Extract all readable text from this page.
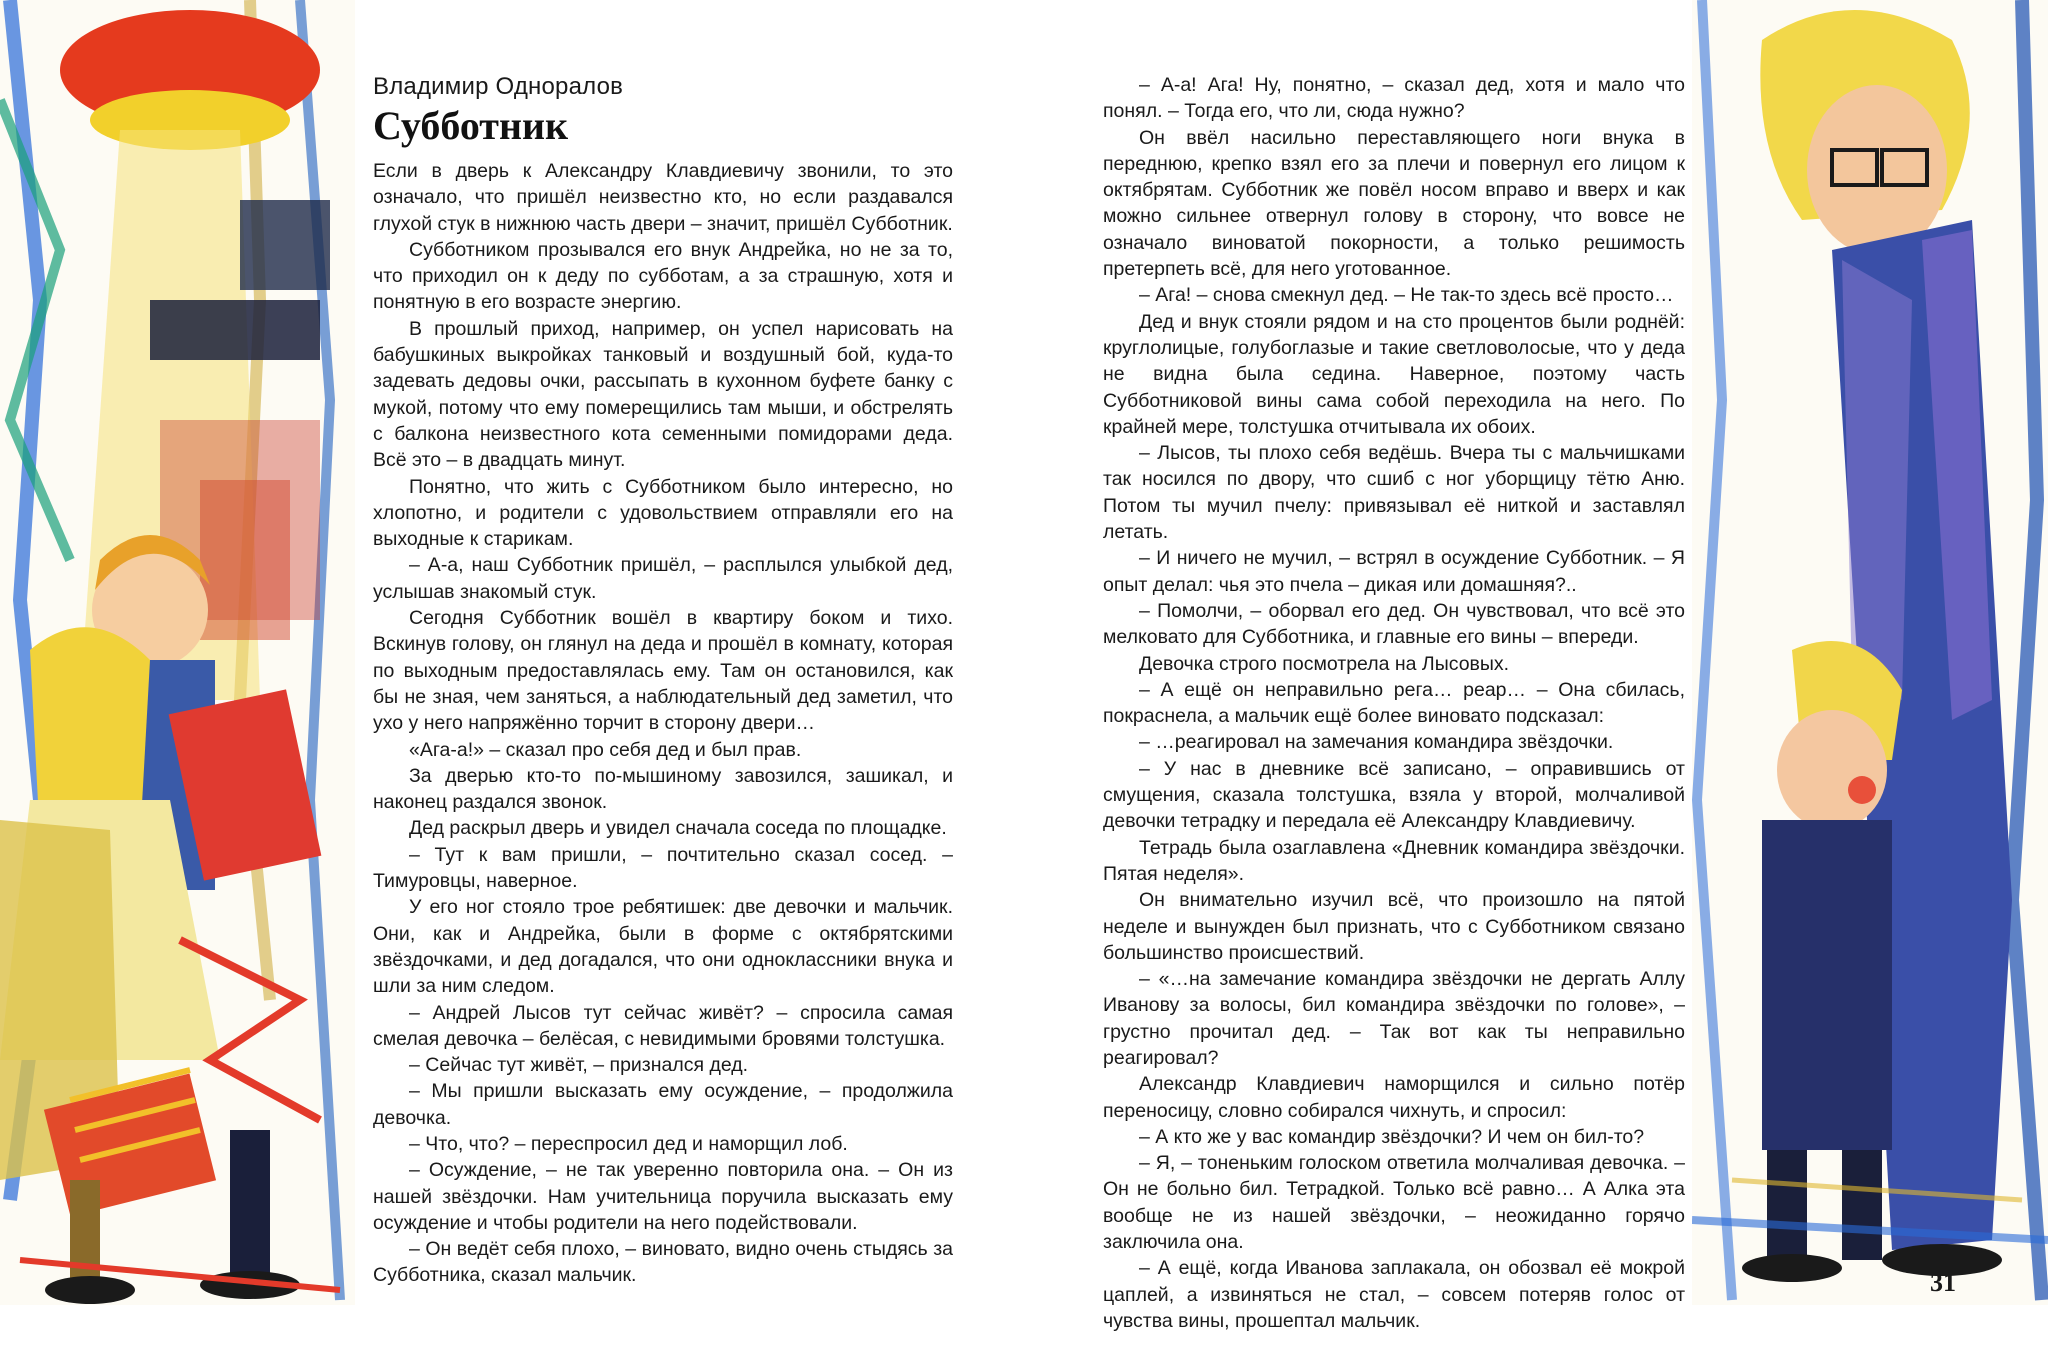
Владимир Однoралов
Субботник

Если в дверь к Александру Клавдиевичу звонили, то это означало, что пришёл неизвестно кто, но если раздавался глухой стук в нижнюю часть двери – значит, пришёл Субботник.

Субботником прозывался его внук Андрейка, но не за то, что приходил он к деду по субботам, а за страшную, хотя и понятную в его возрасте энергию.

В прошлый приход, например, он успел нарисовать на бабушкиных выкройках танковый и воздушный бой, куда-то задевать дедовы очки, рассыпать в кухонном буфете банку с мукой, потому что ему померещились там мыши, и обстрелять с балкона неизвестного кота семенными помидорами деда. Всё это – в двадцать минут.

Понятно, что жить с Субботником было интересно, но хлопотно, и родители с удовольствием отправляли его на выходные к старикам.

– А-а, наш Субботник пришёл, – расплылся улыбкой дед, услышав знакомый стук.

Сегодня Субботник вошёл в квартиру боком и тихо. Вскинув голову, он глянул на деда и прошёл в комнату, которая по выходным предоставлялась ему. Там он остановился, как бы не зная, чем заняться, а наблюдательный дед заметил, что ухо у него напряжённо торчит в сторону двери…

«Ага-а!» – сказал про себя дед и был прав.

За дверью кто-то по-мышиному завозился, зашикал, и наконец раздался звонок.

Дед раскрыл дверь и увидел сначала соседа по площадке.

– Тут к вам пришли, – почтительно сказал сосед. – Тимуровцы, наверное.

У его ног стояло трое ребятишек: две девочки и мальчик. Они, как и Андрейка, были в форме с октябрятскими звёздочками, и дед догадался, что они одноклассники внука и шли за ним следом.

– Андрей Лысов тут сейчас живёт? – спросила самая смелая девочка – белёсая, с невидимыми бровями толстушка.

– Сейчас тут живёт, – признался дед.

– Мы пришли высказать ему осуждение, – продолжила девочка.

– Что, что? – переспросил дед и наморщил лоб.

– Осуждение, – не так уверенно повторила она. – Он из нашей звёздочки. Нам учительница поручила высказать ему осуждение и чтобы родители на него подействовали.

– Он ведёт себя плохо, – виновато, видно очень стыдясь за Субботника, сказал мальчик.

– А-а! Ага! Ну, понятно, – сказал дед, хотя и мало что понял. – Тогда его, что ли, сюда нужно?

Он ввёл насильно переставляющего ноги внука в переднюю, крепко взял его за плечи и повернул его лицом к октябрятам. Субботник же повёл носом вправо и вверх и как можно сильнее отвернул голову в сторону, что вовсе не означало виноватой покорности, а только решимость претерпеть всё, для него уготованное.

– Ага! – снова смекнул дед. – Не так-то здесь всё просто…

Дед и внук стояли рядом и на сто процентов были роднёй: круглолицые, голубоглазые и такие светловолосые, что у деда не видна была седина. Наверное, поэтому часть Субботниковой вины сама собой переходила на него. По крайней мере, толстушка отчитывала их обоих.

– Лысов, ты плохо себя ведёшь. Вчера ты с мальчишками так носился по двору, что сшиб с ног уборщицу тётю Аню. Потом ты мучил пчелу: привязывал её ниткой и заставлял летать.

– И ничего не мучил, – встрял в осуждение Субботник. – Я опыт делал: чья это пчела – дикая или домашняя?..

– Помолчи, – оборвал его дед. Он чувствовал, что всё это мелковато для Субботника, и главные его вины – впереди.

Девочка строго посмотрела на Лысовых.

– А ещё он неправильно рега… реар… – Она сбилась, покраснела, а мальчик ещё более виновато подсказал:

– …реагировал на замечания командира звёздочки.

– У нас в дневнике всё записано, – оправившись от смущения, сказала толстушка, взяла у второй, молчаливой девочки тетрадку и передала её Александру Клавдиевичу.

Тетрадь была озаглавлена «Дневник командира звёздочки. Пятая неделя».

Он внимательно изучил всё, что произошло на пятой неделе и вынужден был признать, что с Субботником связано большинство происшествий.

– «…на замечание командира звёздочки не дергать Аллу Иванову за волосы, бил командира звёздочки по голове», – грустно прочитал дед. – Так вот как ты неправильно реагировал?

Александр Клавдиевич наморщился и сильно потёр переносицу, словно собирался чихнуть, и спросил:

– А кто же у вас командир звёздочки? И чем он бил-то?

– Я, – тоненьким голоском ответила молчаливая девочка. – Он не больно бил. Тетрадкой. Только всё равно… А Алка эта вообще не из нашей звёздочки, – неожиданно горячо заключила она.

– А ещё, когда Иванова заплакала, он обозвал её мокрой цаплей, а извиняться не стал, – совсем потеряв голос от чувства вины, прошептал мальчик.

31
